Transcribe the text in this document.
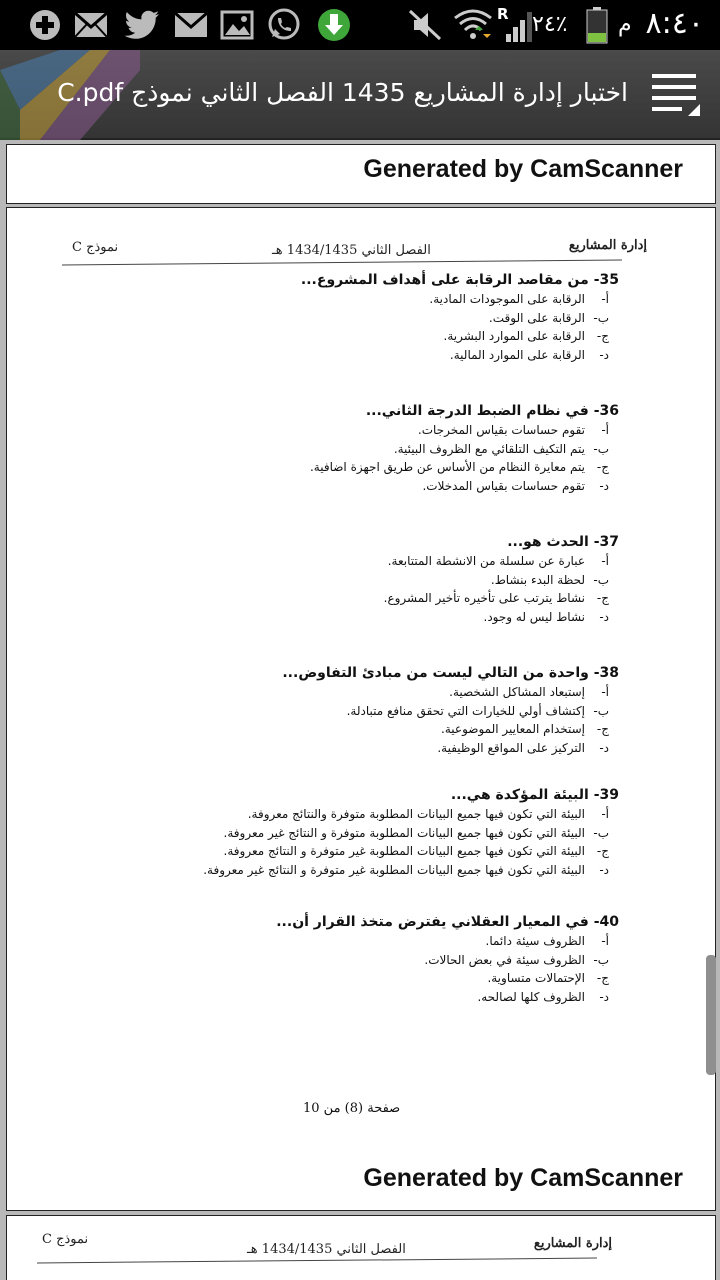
R ٢٤٪ م ٨:٤٠
اختبار إدارة المشاريع 1435 الفصل الثاني نموذج C.pdf
Generated by CamScanner
إدارة المشاريع
الفصل الثاني 1434/1435 هـ
نموذج C
35- من مقاصد الرقابة على أهداف المشروع...
أ-الرقابة على الموجودات المادية.
ب-الرقابة على الوقت.
ج-الرقابة على الموارد البشرية.
د-الرقابة على الموارد المالية.
36- في نظام الضبط الدرجة الثاني...
أ-تقوم حساسات بقياس المخرجات.
ب-يتم التكيف التلقائي مع الظروف البيئية.
ج-يتم معايرة النظام من الأساس عن طريق اجهزة اضافية.
د-تقوم حساسات بقياس المدخلات.
37- الحدث هو...
أ-عبارة عن سلسلة من الانشطة المتتابعة.
ب-لحظة البدء بنشاط.
ج-نشاط يترتب على تأخيره تأخير المشروع.
د-نشاط ليس له وجود.
38- واحدة من التالي ليست من مبادئ التفاوض...
أ-إستبعاد المشاكل الشخصية.
ب-إكتشاف أولي للخيارات التي تحقق منافع متبادلة.
ج-إستخدام المعايير الموضوعية.
د-التركيز على المواقع الوظيفية.
39- البيئة المؤكدة هي...
أ-البيئة التي تكون فيها جميع البيانات المطلوبة متوفرة والنتائج معروفة.
ب-البيئة التي تكون فيها جميع البيانات المطلوبة متوفرة و النتائج غير معروفة.
ج-البيئة التي تكون فيها جميع البيانات المطلوبة غير متوفرة و النتائج معروفة.
د-البيئة التي تكون فيها جميع البيانات المطلوبة غير متوفرة و النتائج غير معروفة.
40- في المعيار العقلاني يفترض متخذ القرار أن...
أ-الظروف سيئة دائما.
ب-الظروف سيئة في بعض الحالات.
ج-الإحتمالات متساوية.
د-الظروف كلها لصالحه.
صفحة (8) من 10
Generated by CamScanner
إدارة المشاريع
الفصل الثاني 1434/1435 هـ
نموذج C
